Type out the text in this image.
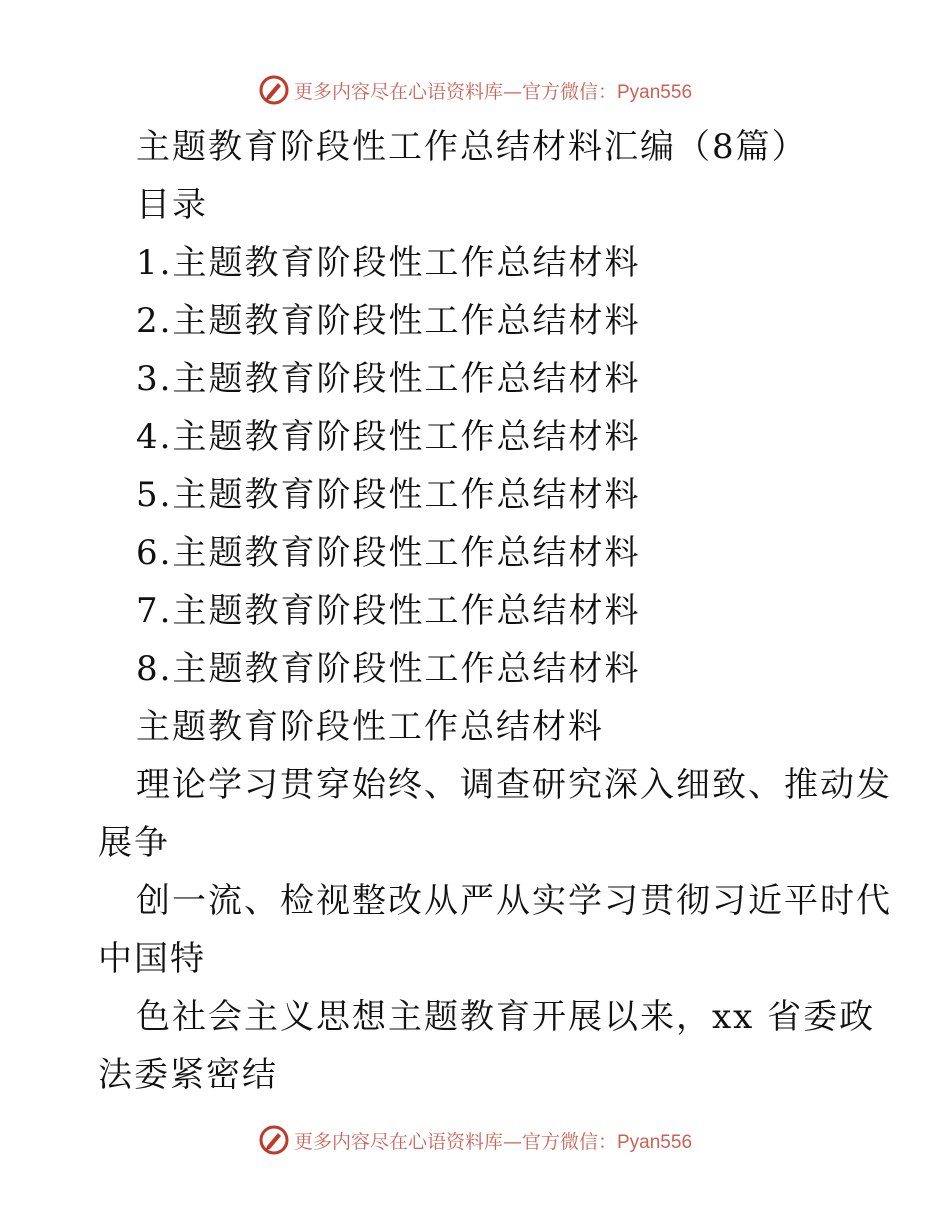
更多内容尽在心语资料库—官方微信：Pyan556
主题教育阶段性工作总结材料汇编（8篇）
目录
1.主题教育阶段性工作总结材料
2.主题教育阶段性工作总结材料
3.主题教育阶段性工作总结材料
4.主题教育阶段性工作总结材料
5.主题教育阶段性工作总结材料
6.主题教育阶段性工作总结材料
7.主题教育阶段性工作总结材料
8.主题教育阶段性工作总结材料
主题教育阶段性工作总结材料
理论学习贯穿始终、调查研究深入细致、推动发
展争
创一流、检视整改从严从实学习贯彻习近平时代
中国特
色社会主义思想主题教育开展以来，xx 省委政
法委紧密结
更多内容尽在心语资料库—官方微信：Pyan556
